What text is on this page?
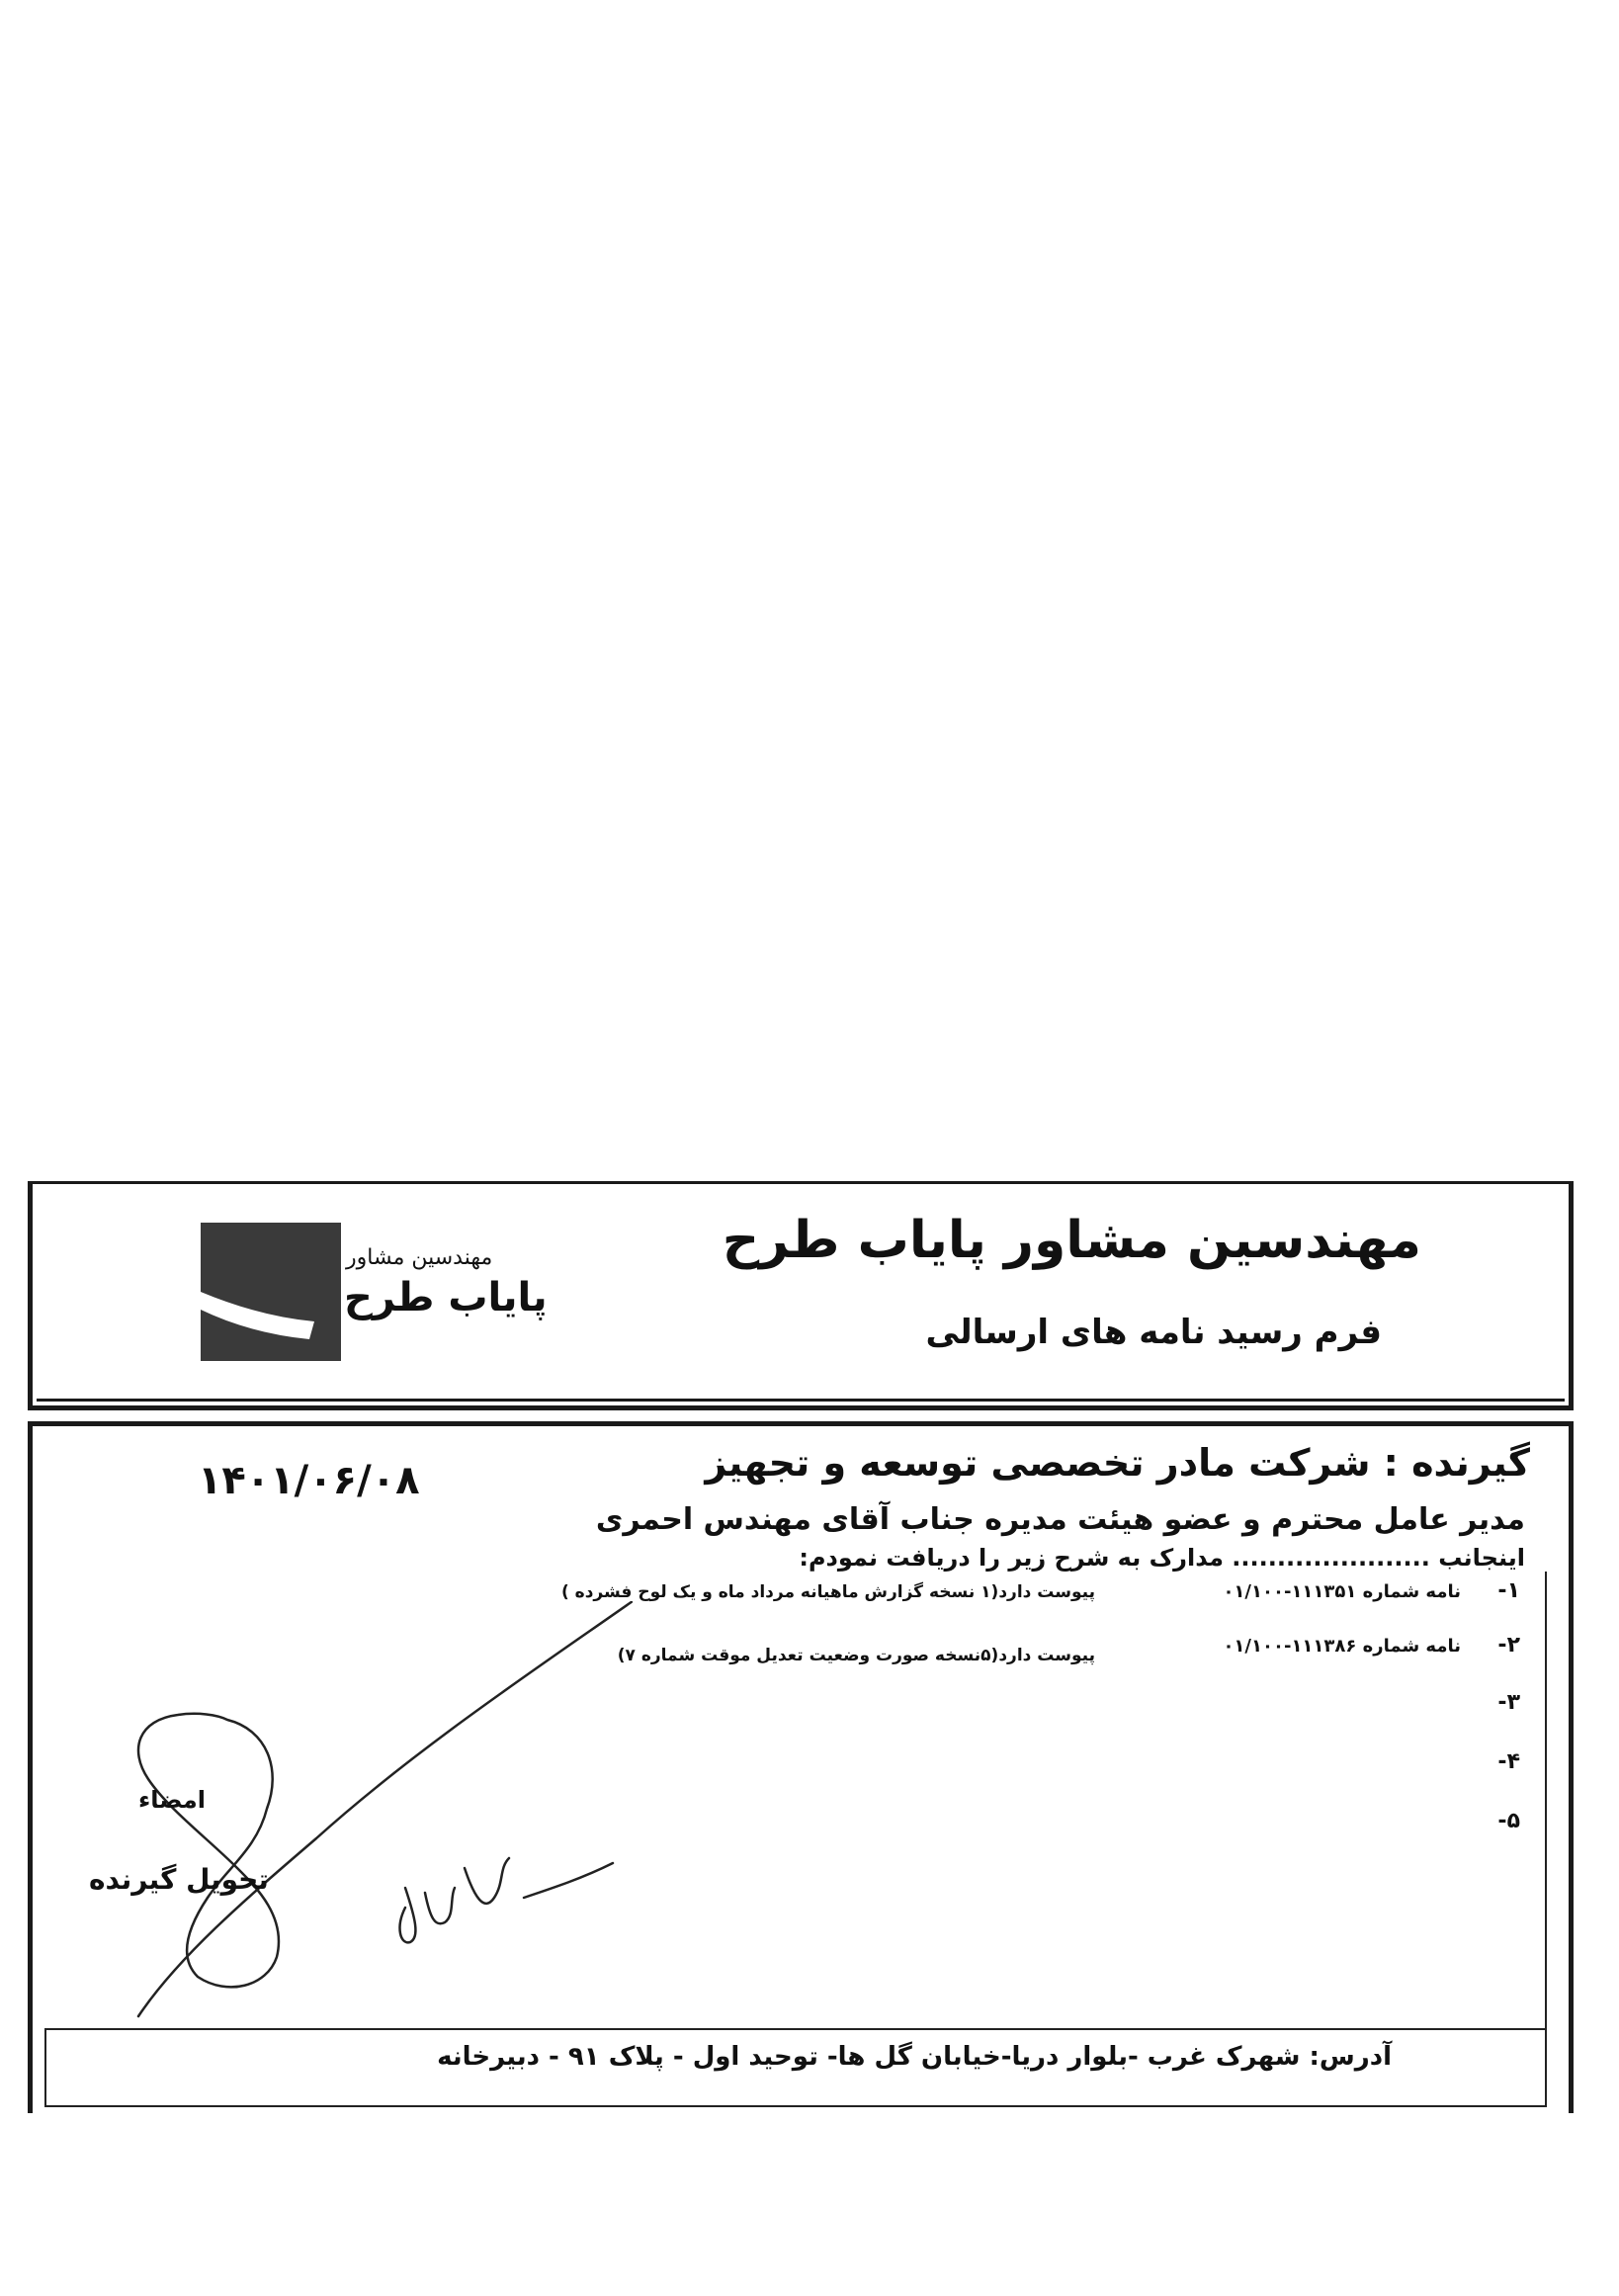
مهندسین مشاور پایاب طرح
فرم رسید نامه های ارسالی
مهندسین مشاور
پایاب طرح
گیرنده : شرکت مادر تخصصی توسعه و تجهیز
۱۴۰۱/۰۶/۰۸
مدیر عامل محترم و عضو هیئت مدیره جناب آقای مهندس احمری
اینجانب ...................... مدارک به شرح زیر را دریافت نمودم:
۱-
نامه شماره ۱۱۱۳۵۱-۰۱/۱۰۰
پیوست دارد(۱ نسخه گزارش ماهیانه مرداد ماه و یک لوح فشرده )
۲-
نامه شماره ۱۱۱۳۸۶-۰۱/۱۰۰
پیوست دارد(۵نسخه صورت وضعیت تعدیل موقت شماره ۷)
۳-
۴-
۵-
امضاء
تحویل گیرنده
آدرس: شهرک غرب -بلوار دریا-خیابان گل ها- توحید اول - پلاک ۹۱ - دبیرخانه
